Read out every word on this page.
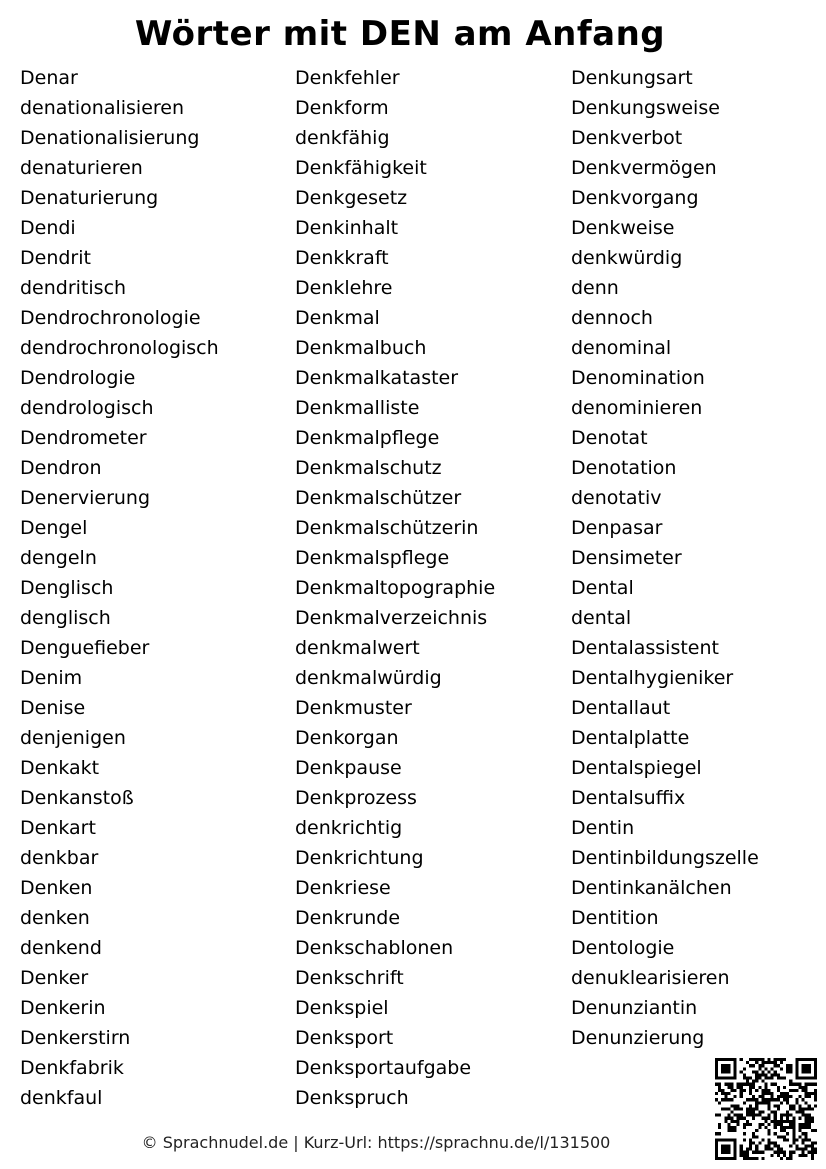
Wörter mit DEN am Anfang
Denar
denationalisieren
Denationalisierung
denaturieren
Denaturierung
Dendi
Dendrit
dendritisch
Dendrochronologie
dendrochronologisch
Dendrologie
dendrologisch
Dendrometer
Dendron
Denervierung
Dengel
dengeln
Denglisch
denglisch
Denguefieber
Denim
Denise
denjenigen
Denkakt
Denkanstoß
Denkart
denkbar
Denken
denken
denkend
Denker
Denkerin
Denkerstirn
Denkfabrik
denkfaul
Denkfehler
Denkform
denkfähig
Denkfähigkeit
Denkgesetz
Denkinhalt
Denkkraft
Denklehre
Denkmal
Denkmalbuch
Denkmalkataster
Denkmalliste
Denkmalpflege
Denkmalschutz
Denkmalschützer
Denkmalschützerin
Denkmalspflege
Denkmaltopographie
Denkmalverzeichnis
denkmalwert
denkmalwürdig
Denkmuster
Denkorgan
Denkpause
Denkprozess
denkrichtig
Denkrichtung
Denkriese
Denkrunde
Denkschablonen
Denkschrift
Denkspiel
Denksport
Denksportaufgabe
Denkspruch
Denkungsart
Denkungsweise
Denkverbot
Denkvermögen
Denkvorgang
Denkweise
denkwürdig
denn
dennoch
denominal
Denomination
denominieren
Denotat
Denotation
denotativ
Denpasar
Densimeter
Dental
dental
Dentalassistent
Dentalhygieniker
Dentallaut
Dentalplatte
Dentalspiegel
Dentalsuffix
Dentin
Dentinbildungszelle
Dentinkanälchen
Dentition
Dentologie
denuklearisieren
Denunziantin
Denunzierung
© Sprachnudel.de | Kurz-Url: https://sprachnu.de/l/131500
